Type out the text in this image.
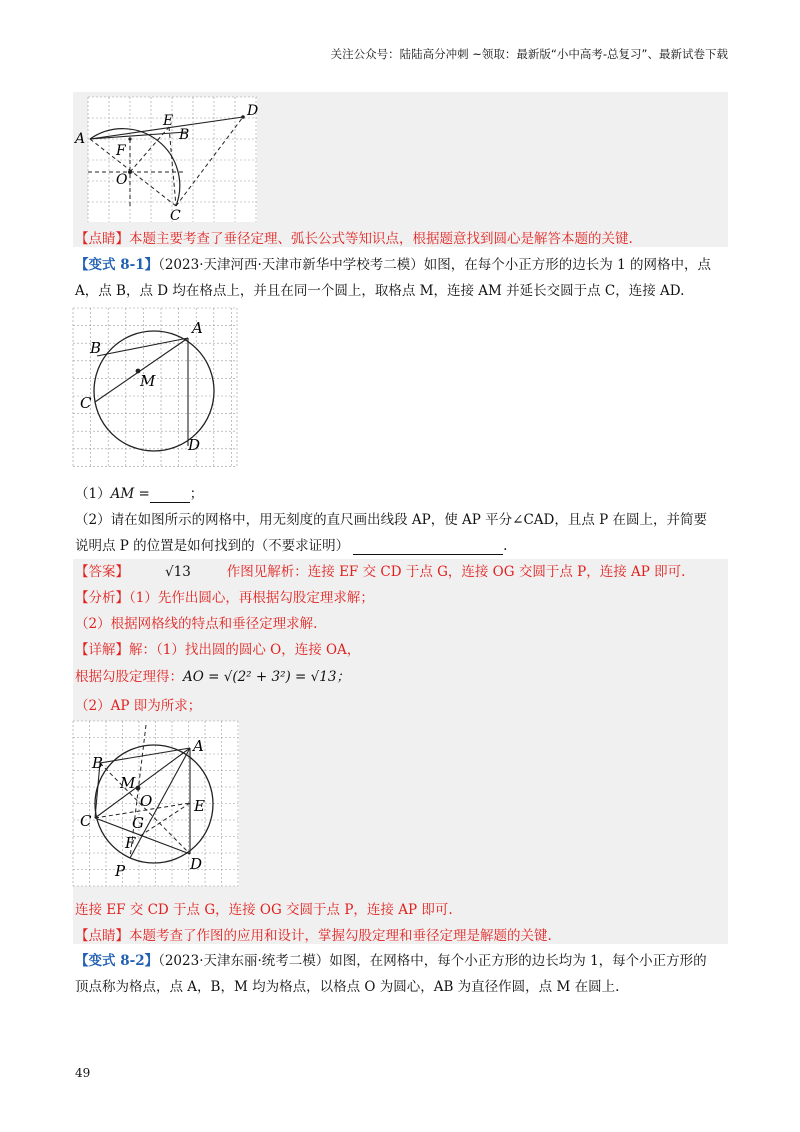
关注公众号：陆陆高分冲刺 ~领取：最新版“小中高考-总复习”、最新试卷下载
A
D
E
B
F
O
C
【点睛】本题主要考查了垂径定理、弧长公式等知识点，根据题意找到圆心是解答本题的关键.
【变式 8-1】（2023·天津河西·天津市新华中学校考二模）如图，在每个小正方形的边长为 1 的网格中，点
A，点 B，点 D 均在格点上，并且在同一个圆上，取格点 M，连接 AM 并延长交圆于点 C，连接 AD.
A
B
M
C
D
（1）AM =	；
（2）请在如图所示的网格中，用无刻度的直尺画出线段 AP，使 AP 平分∠CAD，且点 P 在圆上，并简要
说明点 P 的位置是如何找到的（不要求证明）	.
【答案】	√13	作图见解析：连接 EF 交 CD 于点 G，连接 OG 交圆于点 P，连接 AP 即可.
【分析】（1）先作出圆心，再根据勾股定理求解；
（2）根据网格线的特点和垂径定理求解.
【详解】解：（1）找出圆的圆心 O，连接 OA，
根据勾股定理得：AO = √(2² + 3²) = √13；
（2）AP 即为所求；
A
B
M
O	E
C	G
F
D
P
连接 EF 交 CD 于点 G，连接 OG 交圆于点 P，连接 AP 即可.
【点睛】本题考查了作图的应用和设计，掌握勾股定理和垂径定理是解题的关键.
【变式 8-2】（2023·天津东丽·统考二模）如图，在网格中，每个小正方形的边长均为 1，每个小正方形的
顶点称为格点，点 A，B，M 均为格点，以格点 O 为圆心，AB 为直径作圆，点 M 在圆上.
49
